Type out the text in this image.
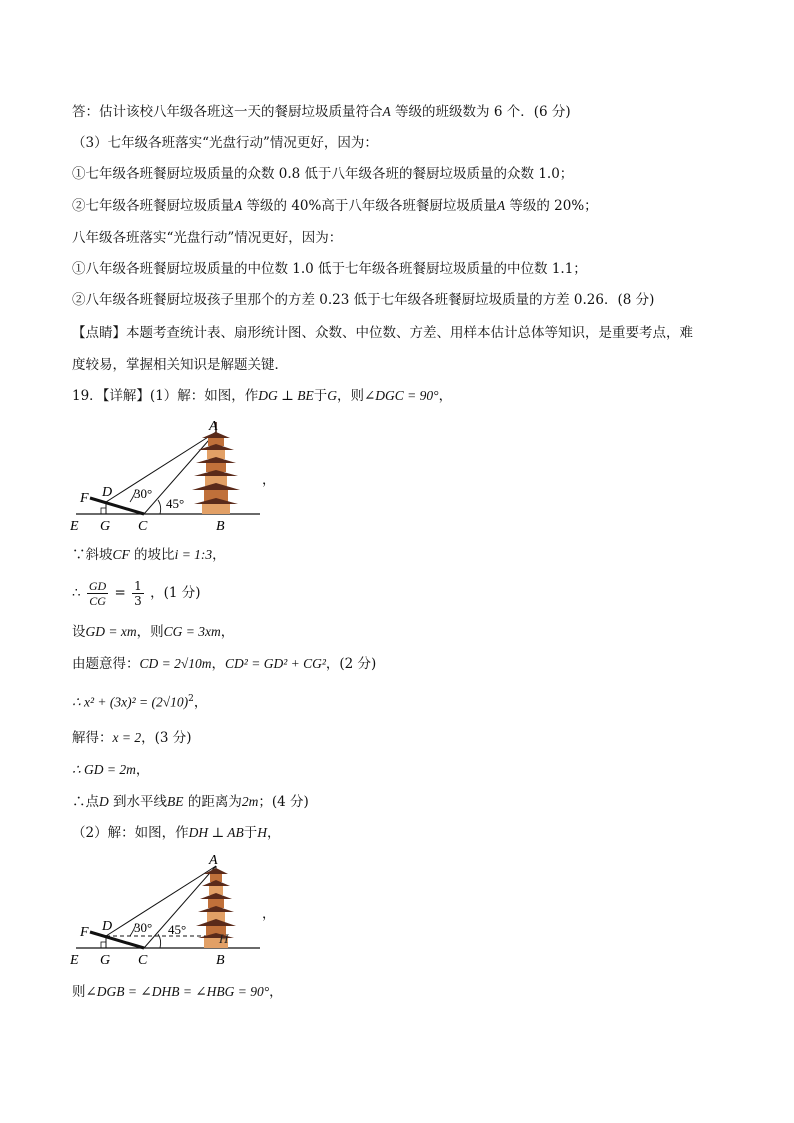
答：估计该校八年级各班这一天的餐厨垃圾质量符合A 等级的班级数为 6 个．(6 分)
（3）七年级各班落实“光盘行动”情况更好，因为：
①七年级各班餐厨垃圾质量的众数 0.8 低于八年级各班的餐厨垃圾质量的众数 1.0；
②七年级各班餐厨垃圾质量A 等级的 40%高于八年级各班餐厨垃圾质量A 等级的 20%；
八年级各班落实“光盘行动”情况更好，因为：
①八年级各班餐厨垃圾质量的中位数 1.0 低于七年级各班餐厨垃圾质量的中位数 1.1；
②八年级各班餐厨垃圾孩子里那个的方差 0.23 低于七年级各班餐厨垃圾质量的方差 0.26．(8 分)
【点睛】本题考查统计表、扇形统计图、众数、中位数、方差、用样本估计总体等知识，是重要考点，难
度较易，掌握相关知识是解题关键．
19．【详解】(1）解：如图，作DG ⊥ BE于G，则∠DGC = 90°，
A
F D
E G C	B
30°
45°
，
∵斜坡CF 的坡比i = 1:3，
∴ $\frac{GD}{CG} = \frac{1}{3}$ ，(1 分)
设GD = xm，则CG = 3xm，
由题意得：CD = 2√10m，CD² = GD² + CG²，(2 分)
∴ $x^2 + (3x)^2 = (2√10)^2$，
解得：x = 2，(3 分)
∴ GD = 2m，
∴点D 到水平线BE 的距离为2m；(4 分)
（2）解：如图，作DH ⊥ AB于H，
A
F D
E G C	B
H
30° 45°
，
则∠DGB = ∠DHB = ∠HBG = 90°，
